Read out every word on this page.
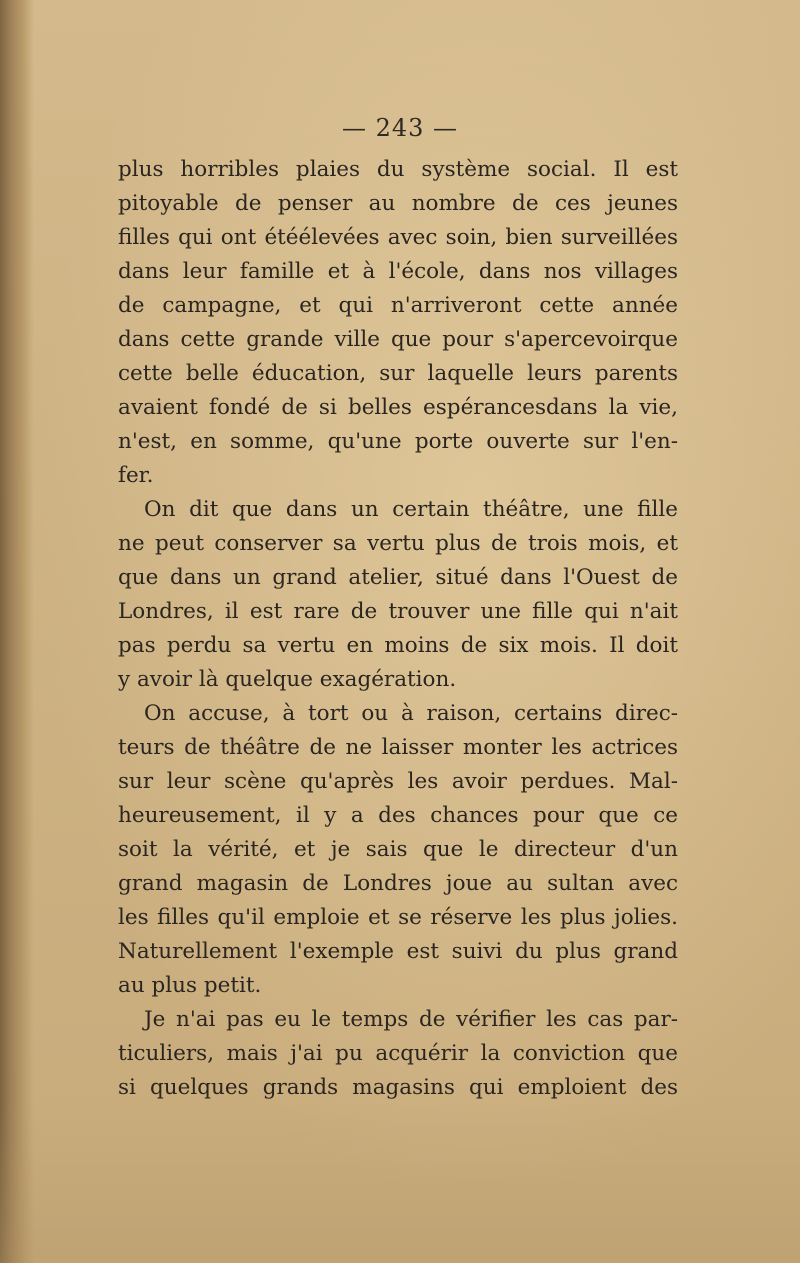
— 243 —
plus horribles plaies du système social. Il est
pitoyable de penser au nombre de ces jeunes
filles qui ont étéélevées avec soin, bien surveillées
dans leur famille et à l'école, dans nos villages
de campagne, et qui n'arriveront cette année
dans cette grande ville que pour s'apercevoirque
cette belle éducation, sur laquelle leurs parents
avaient fondé de si belles espérancesdans la vie,
n'est, en somme, qu'une porte ouverte sur l'en-
fer.
On dit que dans un certain théâtre, une fille
ne peut conserver sa vertu plus de trois mois, et
que dans un grand atelier, situé dans l'Ouest de
Londres, il est rare de trouver une fille qui n'ait
pas perdu sa vertu en moins de six mois. Il doit
y avoir là quelque exagération.
On accuse, à tort ou à raison, certains direc-
teurs de théâtre de ne laisser monter les actrices
sur leur scène qu'après les avoir perdues. Mal-
heureusement, il y a des chances pour que ce
soit la vérité, et je sais que le directeur d'un
grand magasin de Londres joue au sultan avec
les filles qu'il emploie et se réserve les plus jolies.
Naturellement l'exemple est suivi du plus grand
au plus petit.
Je n'ai pas eu le temps de vérifier les cas par-
ticuliers, mais j'ai pu acquérir la conviction que
si quelques grands magasins qui emploient des
